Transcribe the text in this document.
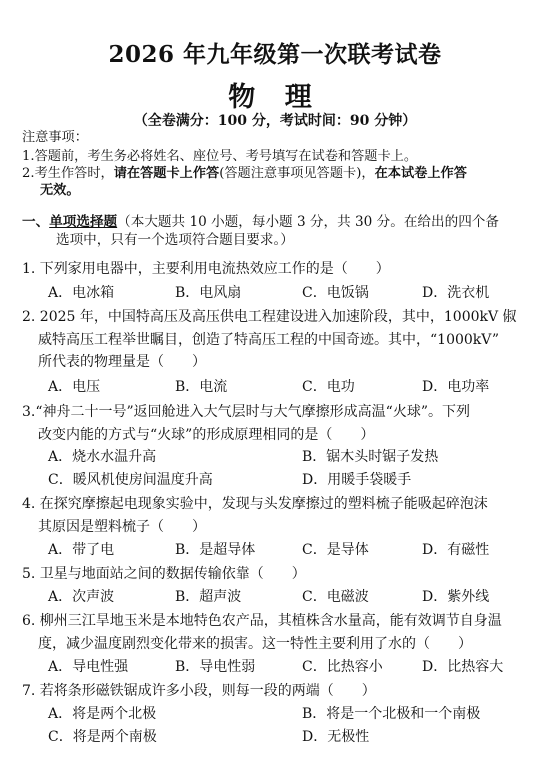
2026 年九年级第一次联考试卷
物 理
（全卷满分：100 分，考试时间：90 分钟）
注意事项：
1.答题前，考生务必将姓名、座位号、考号填写在试卷和答题卡上。
2.考生作答时，请在答题卡上作答(答题注意事项见答题卡)，在本试卷上作答
无效。
一、单项选择题（本大题共 10 小题，每小题 3 分，共 30 分。在给出的四个备
选项中，只有一个选项符合题目要求。）
1. 下列家用电器中，主要利用电流热效应工作的是（　　）
A．电冰箱	B．电风扇	C．电饭锅	D．洗衣机
2. 2025 年，中国特高压及高压供电工程建设进入加速阶段，其中，1000kV 俶
威特高压工程举世瞩目，创造了特高压工程的中国奇迹。其中，“1000kV”
所代表的物理量是（　　）
A．电压	B．电流	C．电功	D．电功率
3.“神舟二十一号”返回舱进入大气层时与大气摩擦形成高温“火球”。下列
改变内能的方式与“火球”的形成原理相同的是（　　）
A．烧水水温升高	B．锯木头时锯子发热
C．暖风机使房间温度升高	D．用暖手袋暖手
4. 在探究摩擦起电现象实验中，发现与头发摩擦过的塑料梳子能吸起碎泡沫
其原因是塑料梳子（　　）
A．带了电	B．是超导体	C．是导体	D．有磁性
5. 卫星与地面站之间的数据传输依靠（　　）
A．次声波	B．超声波	C．电磁波	D．紫外线
6. 柳州三江旱地玉米是本地特色农产品，其植株含水量高，能有效调节自身温
度，减少温度剧烈变化带来的损害。这一特性主要利用了水的（　　）
A．导电性强	B．导电性弱	C．比热容小	D．比热容大
7. 若将条形磁铁锯成许多小段，则每一段的两端（　　）
A．将是两个北极	B．将是一个北极和一个南极
C．将是两个南极	D．无极性
